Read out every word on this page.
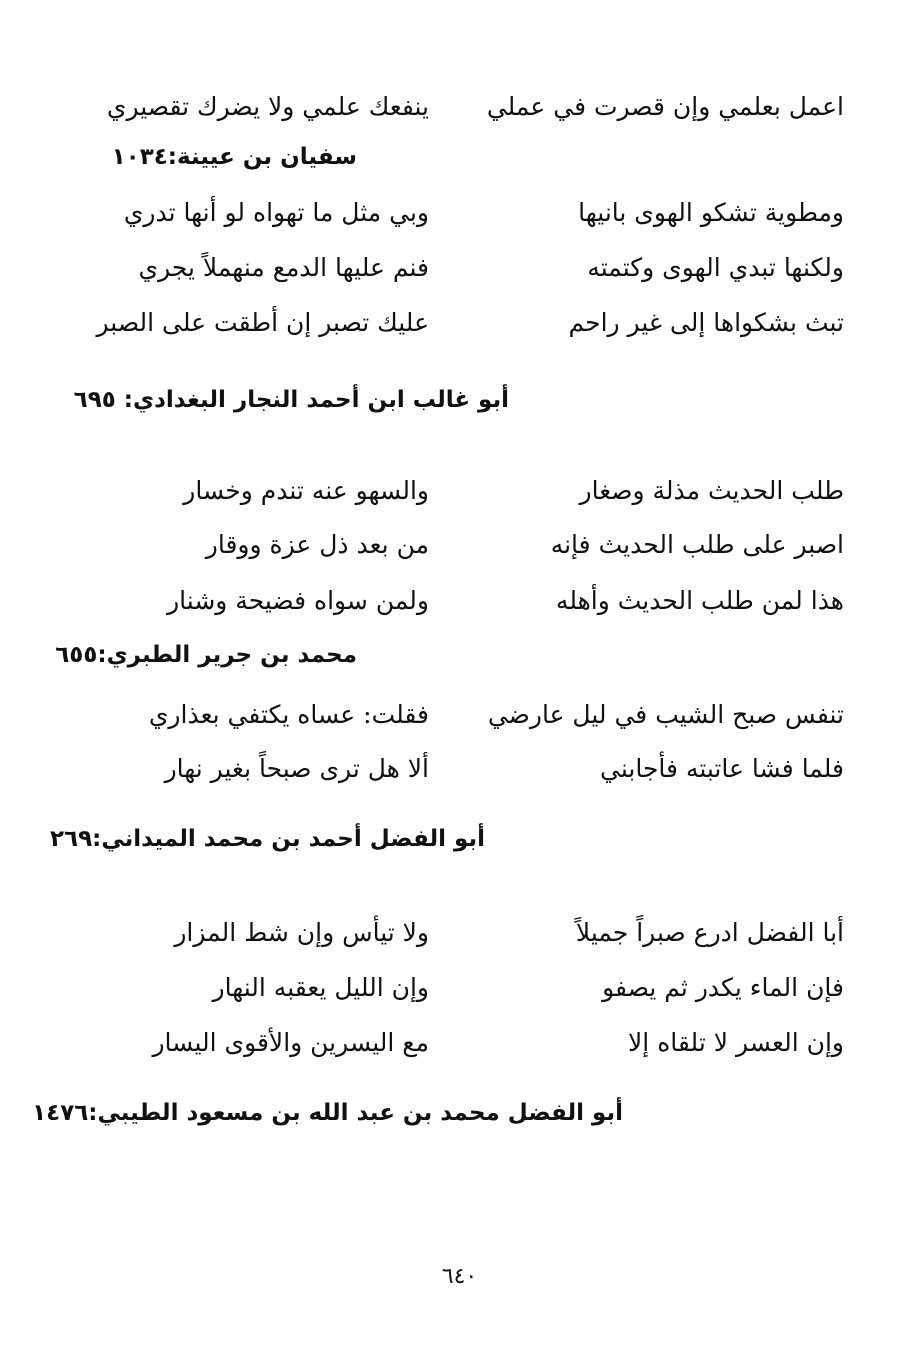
اعمل بعلمي وإن قصرت في عملي
ينفعك علمي ولا يضرك تقصيري
سفيان بن عيينة:١٠٣٤
ومطوية تشكو الهوى بانيها
وبي مثل ما تهواه لو أنها تدري
ولكنها تبدي الهوى وكتمته
فنم عليها الدمع منهملاً يجري
تبث بشكواها إلى غير راحم
عليك تصبر إن أطقت على الصبر
أبو غالب ابن أحمد النجار البغدادي: ٦٩٥
طلب الحديث مذلة وصغار
والسهو عنه تندم وخسار
اصبر على طلب الحديث فإنه
من بعد ذل عزة ووقار
هذا لمن طلب الحديث وأهله
ولمن سواه فضيحة وشنار
محمد بن جرير الطبري:٦٥٥
تنفس صبح الشيب في ليل عارضي
فقلت: عساه يكتفي بعذاري
فلما فشا عاتبته فأجابني
ألا هل ترى صبحاً بغير نهار
أبو الفضل أحمد بن محمد الميداني:٢٦٩
أبا الفضل ادرع صبراً جميلاً
ولا تيأس وإن شط المزار
فإن الماء يكدر ثم يصفو
وإن الليل يعقبه النهار
وإن العسر لا تلقاه إلا
مع اليسرين والأقوى اليسار
أبو الفضل محمد بن عبد الله بن مسعود الطيبي:١٤٧٦
٦٤٠
